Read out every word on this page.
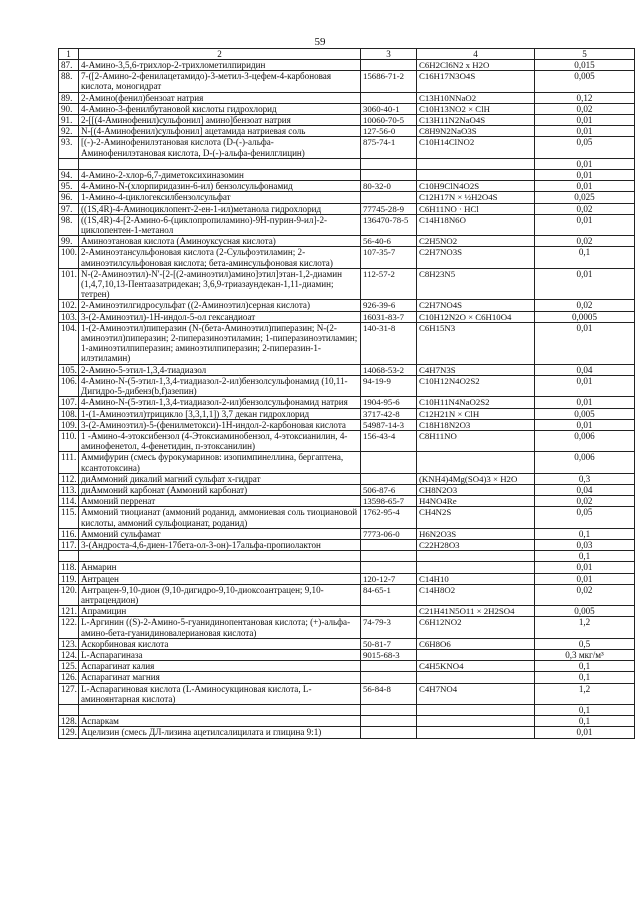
59
1	2	3	4	5
87.	4-Амино-3,5,6-трихлор-2-трихлометилпиридин		C6H2Cl6N2 x H2O	0,015
88.	7-([2-Амино-2-фенилацетамидо)-3-метил-3-цефем-4-карбоновая кислота, моногидрат	15686-71-2	C16H17N3O4S	0,005
89.	2-Амино(фенил)бензоат натрия		C13H10NNaO2	0,12
90.	4-Амино-3-фенилбутановой кислоты гидрохлорид	3060-40-1	C10H13NO2 × ClH	0,02
91.	2-[[(4-Аминофенил)сульфонил] амино]бензоат натрия	10060-70-5	C13H11N2NaO4S	0,01
92.	N-[(4-Аминофенил)сульфонил] ацетамида натриевая соль	127-56-0	C8H9N2NaO3S	0,01
93.	[(-)-2-Аминофенилэтановая кислота (D-(-)-альфа-Аминофенилэтановая кислота, D-(-)-альфа-фенилглицин)	875-74-1	C10H14ClNO2	0,05
				0,01
94.	4-Амино-2-хлор-6,7-диметоксихиназомин			0,01
95.	4-Амино-N-(хлорпиридазин-6-ил) бензолсульфонамид	80-32-0	C10H9ClN4O2S	0,01
96.	1-Амино-4-циклогексилбензолсульфат		C12H17N × ½H2O4S	0,025
97.	((1S,4R)-4-Аминоциклопент-2-ен-1-ил)метанола гидрохлорид	77745-28-9	C6H11NO · HCl	0,02
98.	((1S,4R)-4-[2-Амино-6-(циклопропиламино)-9H-пурин-9-ил]-2-циклопентен-1-метанол	136470-78-5	C14H18N6O	0,01
99.	Аминоэтановая кислота (Аминоуксусная кислота)	56-40-6	C2H5NO2	0,02
100.	2-Аминоэтансульфоновая кислота (2-Сульфоэтиламин; 2-аминоэтилсульфоновая кислота; бета-аминсульфоновая кислота)	107-35-7	C2H7NO3S	0,1
101.	N-(2-Аминоэтил)-N'-[2-[(2-аминоэтил)амино]этил]этан-1,2-диамин (1,4,7,10,13-Пентаазатридекан; 3,6,9-триазаундекан-1,11-диамин; тетрен)	112-57-2	C8H23N5	0,01
102.	2-Аминоэтилгидросульфат ((2-Аминоэтил)серная кислота)	926-39-6	C2H7NO4S	0,02
103.	3-(2-Аминоэтил)-1H-индол-5-ол гександиоат	16031-83-7	C10H12N2O × C6H10O4	0,0005
104.	1-(2-Аминоэтил)пиперазин (N-(бета-Аминоэтил)пиперазин; N-(2-аминоэтил)пиперазин; 2-пиперазиноэтиламин; 1-пиперазиноэтиламин; 1-аминоэтилпиперазин; аминоэтилпиперазин; 2-пиперазин-1-илэтиламин)	140-31-8	C6H15N3	0,01
105.	2-Амино-5-этил-1,3,4-тиадиазол	14068-53-2	C4H7N3S	0,04
106.	4-Амино-N-(5-этил-1,3,4-тиадиазол-2-ил)бензолсульфонамид (10,11-Дигидро-5-дибенз(b,f)азепин)	94-19-9	C10H12N4O2S2	0,01
107.	4-Амино-N-(5-этил-1,3,4-тиадиазол-2-ил)бензолсульфонамид натрия	1904-95-6	C10H11N4NaO2S2	0,01
108.	1-(1-Аминоэтил)трицикло [3,3,1,1]) 3,7 декан гидрохлорид	3717-42-8	C12H21N × ClH	0,005
109.	3-(2-Аминоэтил)-5-(фенилметокси)-1H-индол-2-карбоновая кислота	54987-14-3	C18H18N2O3	0,01
110.	1 -Амино-4-этоксибензол (4-Этоксиаминобензол, 4-этоксианилин, 4-аминофенетол, 4-фенетидин, п-этоксанилин)	156-43-4	C8H11NO	0,006
111.	Аммифурин (смесь фурокумаринов: изопимпинеллина, бергаптена, ксантотоксина)			0,006
112.	диАммоний дикалий магний сульфат х-гидрат		(KNH4)4Mg(SO4)3 × H2O	0,3
113.	диАммоний карбонат (Аммоний карбонат)	506-87-6	CH8N2O3	0,04
114.	Аммоний перренат	13598-65-7	H4NO4Re	0,02
115.	Аммоний тиоцианат (аммоний роданид, аммониевая соль тиоциановой кислоты, аммоний сульфоцианат, роданид)	1762-95-4	CH4N2S	0,05
116.	Аммоний сульфамат	7773-06-0	H6N2O3S	0,1
117.	3-(Андроста-4,6-диен-17бета-ол-3-он)-17альфа-пропиолактон		C22H28O3	0,03
				0,1
118.	Анмарин			0,01
119.	Антрацен	120-12-7	C14H10	0,01
120.	Антрацен-9,10-дион (9,10-дигидро-9,10-диоксоантрацен; 9,10-антрацендион)	84-65-1	C14H8O2	0,02
121.	Апрамицин		C21H41N5O11 × 2H2SO4	0,005
122.	L-Аргинин ((S)-2-Амино-5-гуанидинопентановая кислота; (+)-альфа-амино-бета-гуанидиновалериановая кислота)	74-79-3	C6H12NO2	1,2
123.	Аскорбиновая кислота	50-81-7	C6H8O6	0,5
124.	L-Аспарагиназа	9015-68-3		0,3 мкг/м³
125.	Аспарагинат калия		C4H5KNO4	0,1
126.	Аспарагинат магния			0,1
127.	L-Аспарагиновая кислота (L-Аминосукциновая кислота, L-аминоянтарная кислота)	56-84-8	C4H7NO4	1,2
				0,1
128.	Аспаркам			0,1
129.	Ацелизин (смесь ДЛ-лизина ацетилсалицилата и глицина 9:1)			0,01
